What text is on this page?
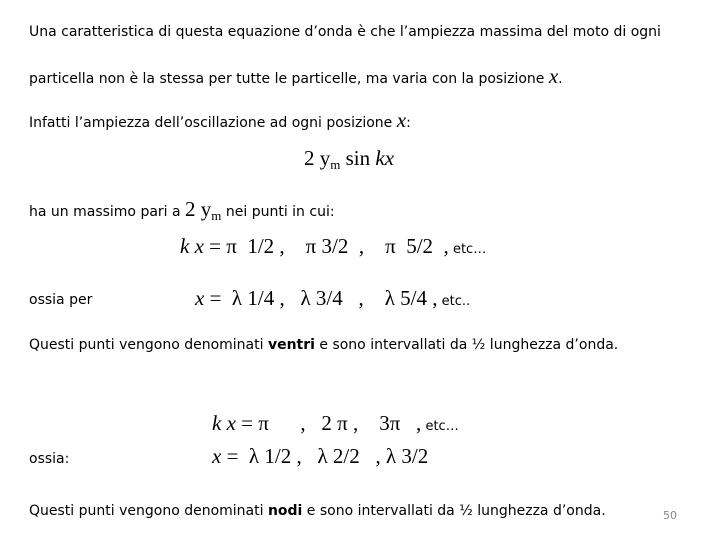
Una caratteristica di questa equazione d’onda è che l’ampiezza massima del moto di ogni
particella non è la stessa per tutte le particelle, ma varia con la posizione x.
Infatti l’ampiezza dell’oscillazione ad ogni posizione x:
2 $y_m$ sin kx
ha un massimo pari a 2 ym nei punti in cui:
k x = π  1/2 ,    π 3/2  ,    π  5/2  , etc…
ossia per	x =  λ 1/4 ,   λ 3/4   ,    λ 5/4 , etc..
Questi punti vengono denominati ventri e sono intervallati da ½ lunghezza d’onda.
k x = π      ,   2 π ,    3π   , etc…
ossia:	x =  λ 1/2 ,   λ 2/2   , λ 3/2
Questi punti vengono denominati nodi e sono intervallati da ½ lunghezza d’onda.	50
